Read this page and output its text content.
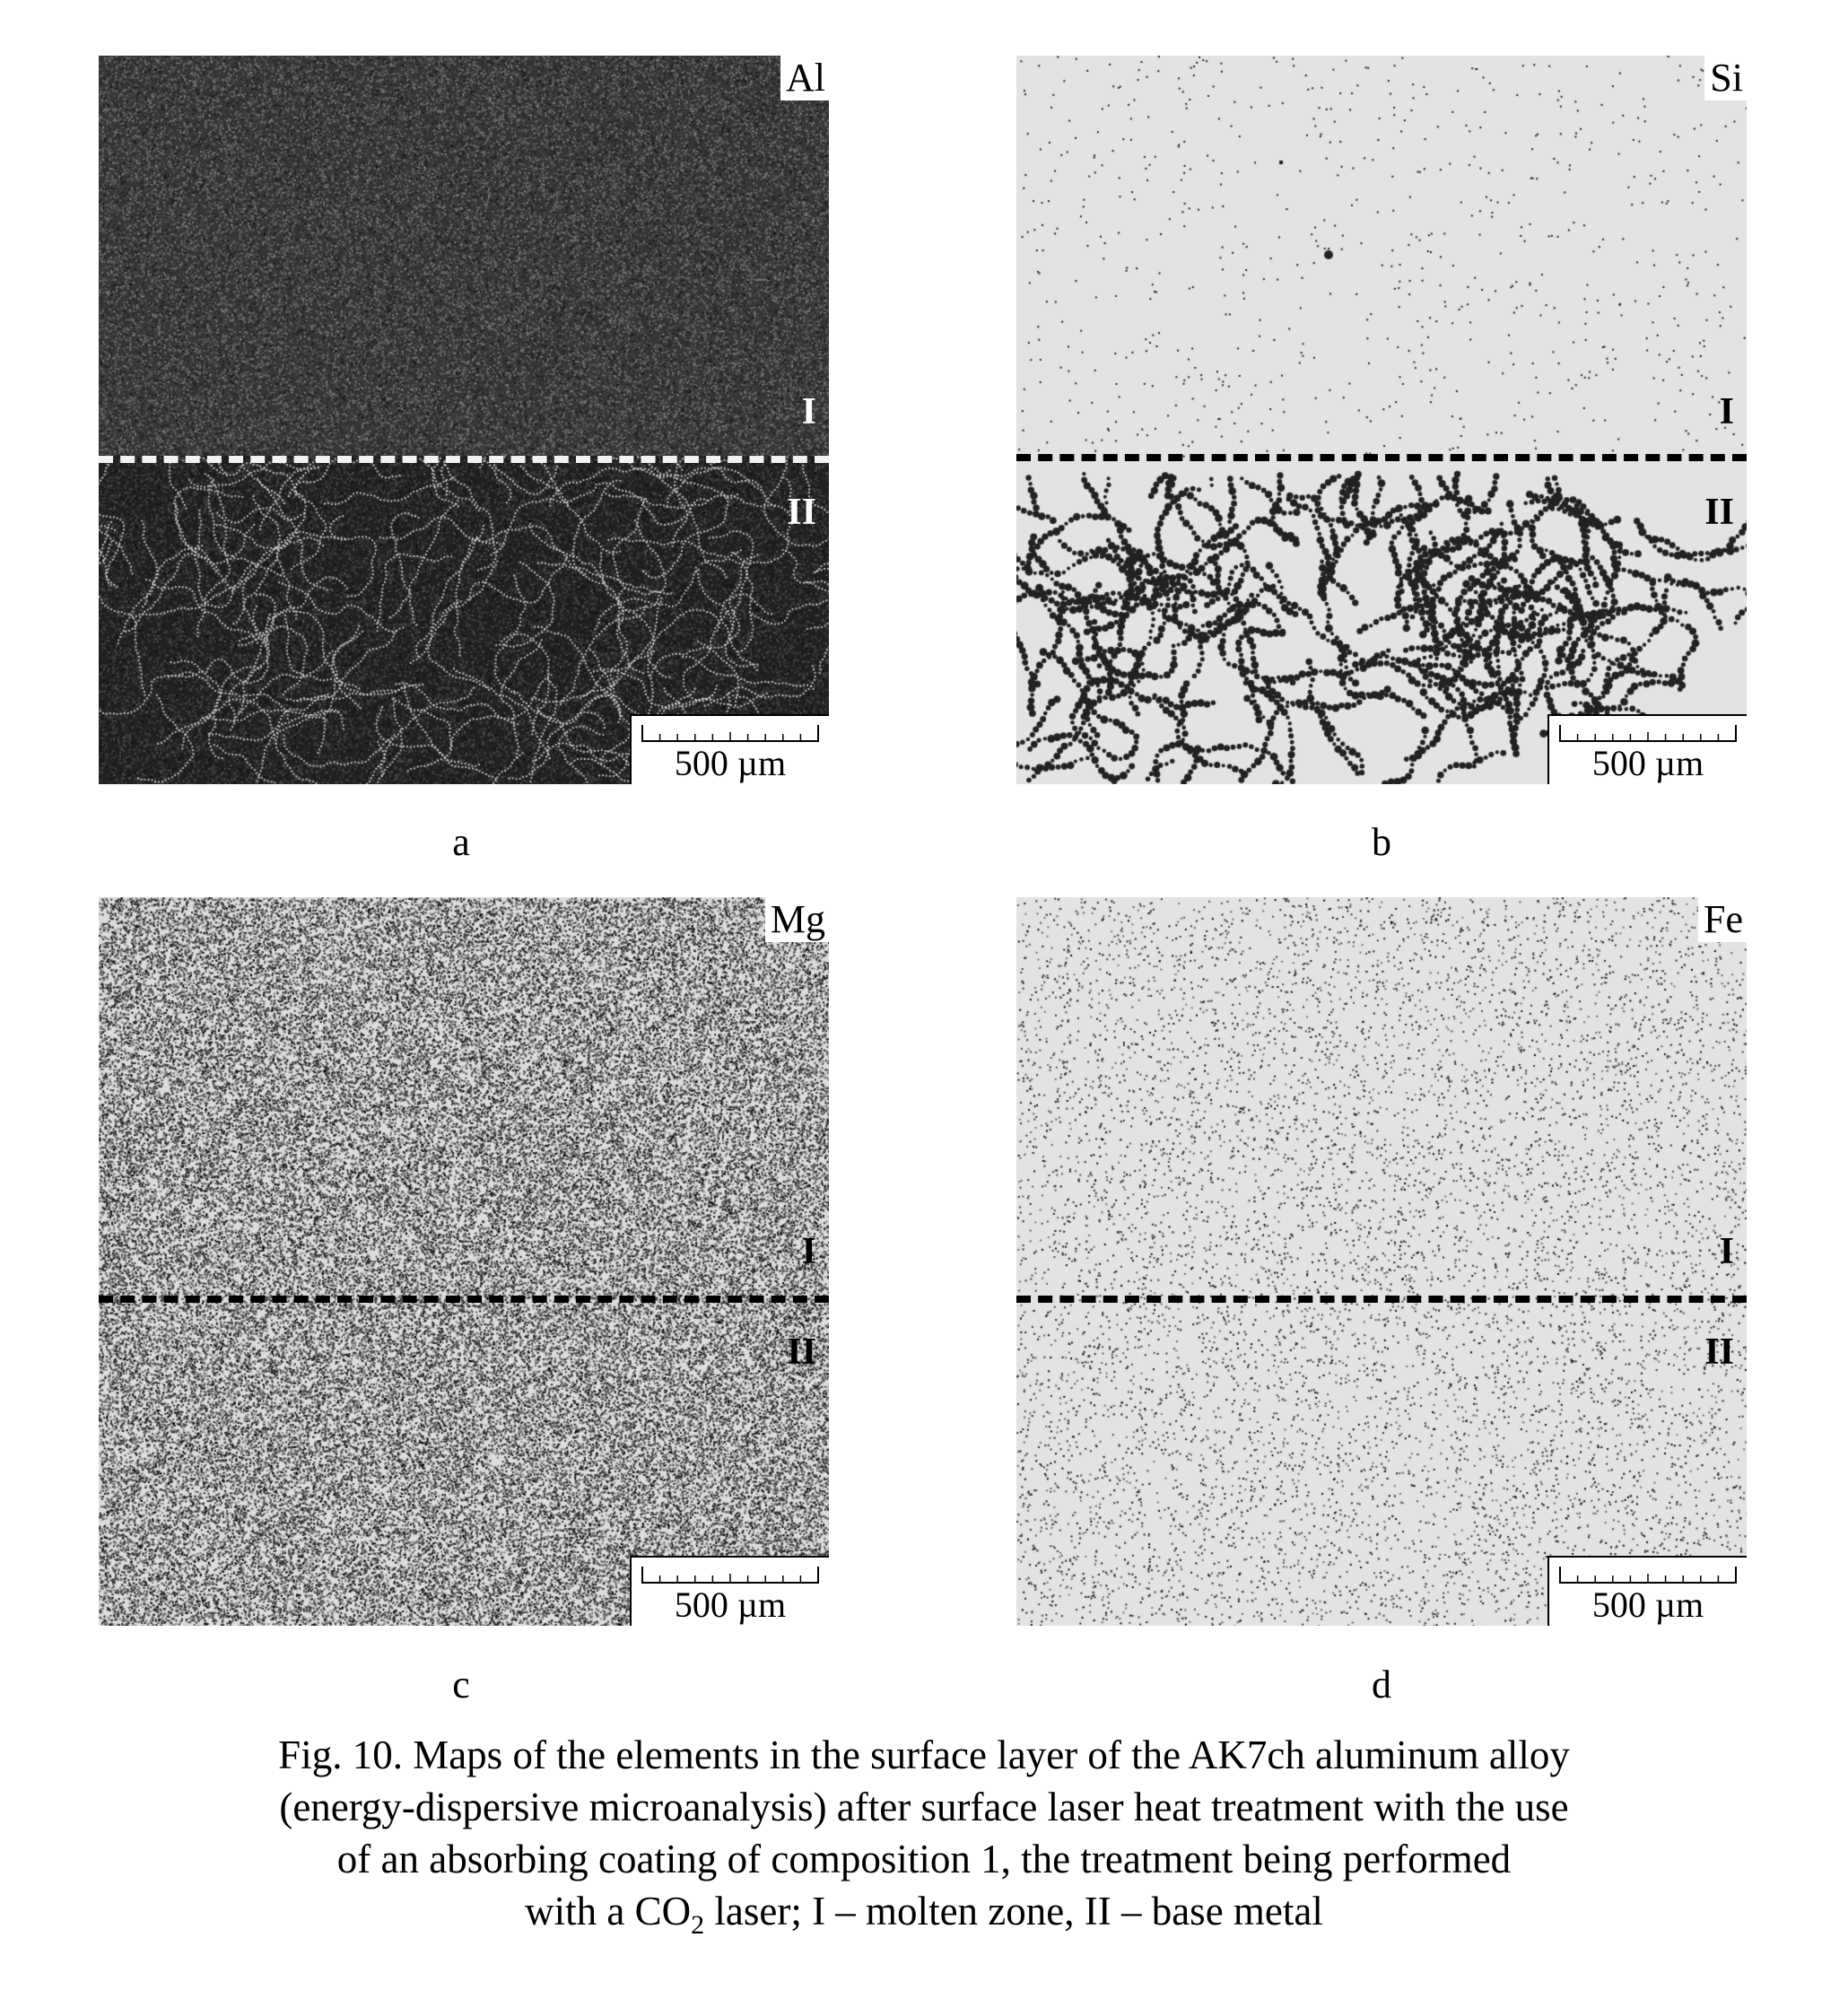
Al
I
II
500 µm
a
Si
I
II
500 µm
b
Mg
I
II
500 µm
c
Fe
I
II
500 µm
d
Fig. 10. Maps of the elements in the surface layer of the AK7ch aluminum alloy
(energy-dispersive microanalysis) after surface laser heat treatment with the use
of an absorbing coating of composition 1, the treatment being performed
with a $CO_2$ laser; I – molten zone, II – base metal
